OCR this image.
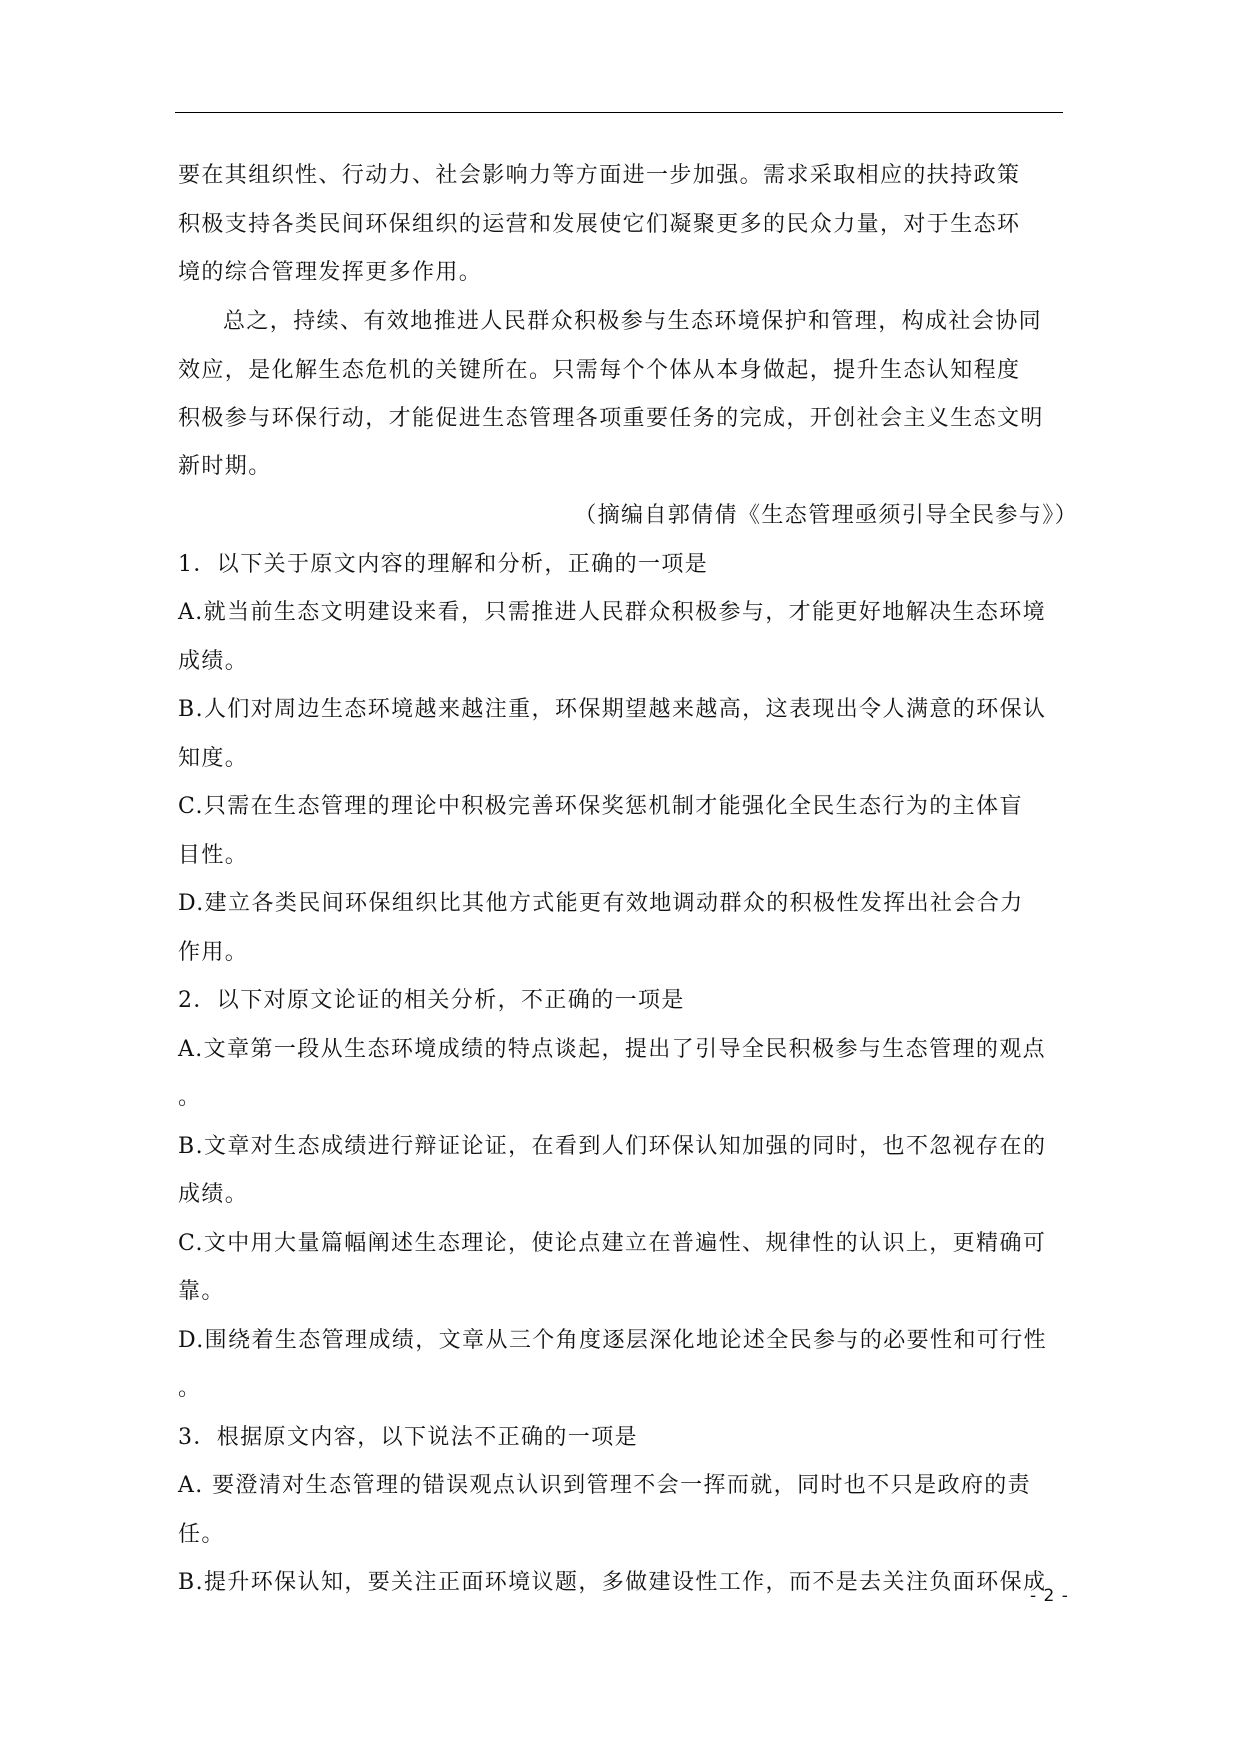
要在其组织性、行动力、社会影响力等方面进一步加强。需求采取相应的扶持政策
积极支持各类民间环保组织的运营和发展使它们凝聚更多的民众力量，对于生态环
境的综合管理发挥更多作用。
总之，持续、有效地推进人民群众积极参与生态环境保护和管理，构成社会协同
效应，是化解生态危机的关键所在。只需每个个体从本身做起，提升生态认知程度
积极参与环保行动，才能促进生态管理各项重要任务的完成，开创社会主义生态文明
新时期。
（摘编自郭倩倩《生态管理亟须引导全民参与》）
1．以下关于原文内容的理解和分析，正确的一项是
A.就当前生态文明建设来看，只需推进人民群众积极参与，才能更好地解决生态环境
成绩。
B.人们对周边生态环境越来越注重，环保期望越来越高，这表现出令人满意的环保认
知度。
C.只需在生态管理的理论中积极完善环保奖惩机制才能强化全民生态行为的主体盲
目性。
D.建立各类民间环保组织比其他方式能更有效地调动群众的积极性发挥出社会合力
作用。
2．以下对原文论证的相关分析，不正确的一项是
A.文章第一段从生态环境成绩的特点谈起，提出了引导全民积极参与生态管理的观点
。
B.文章对生态成绩进行辩证论证，在看到人们环保认知加强的同时，也不忽视存在的
成绩。
C.文中用大量篇幅阐述生态理论，使论点建立在普遍性、规律性的认识上，更精确可
靠。
D.围绕着生态管理成绩，文章从三个角度逐层深化地论述全民参与的必要性和可行性
。
3．根据原文内容，以下说法不正确的一项是
A. 要澄清对生态管理的错误观点认识到管理不会一挥而就，同时也不只是政府的责
任。
B.提升环保认知，要关注正面环境议题，多做建设性工作，而不是去关注负面环保成
- 2 -
